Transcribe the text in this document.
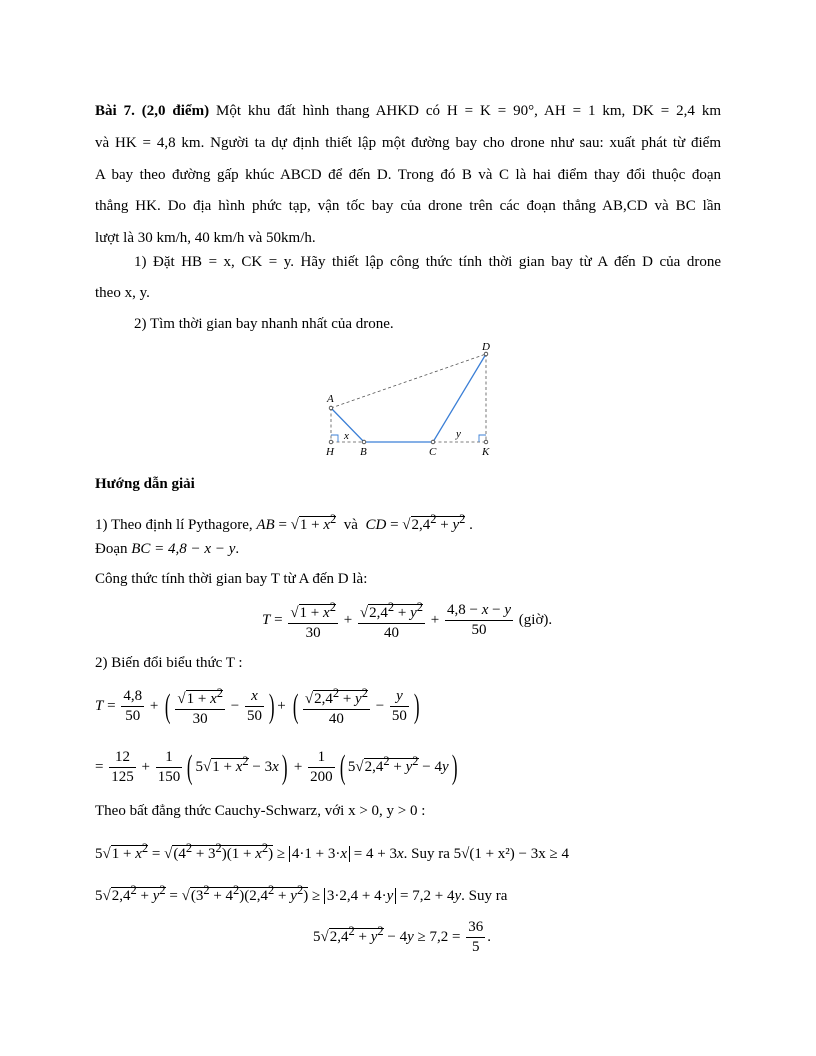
Bài 7. (2,0 điểm) Một khu đất hình thang AHKD có H = K = 90°, AH = 1 km, DK = 2,4 km
và HK = 4,8 km. Người ta dự định thiết lập một đường bay cho drone như sau: xuất phát từ điểm
A bay theo đường gấp khúc ABCD để đến D. Trong đó B và C là hai điểm thay đổi thuộc đoạn
thẳng HK. Do địa hình phức tạp, vận tốc bay của drone trên các đoạn thẳng AB,CD và BC lần
lượt là 30 km/h, 40 km/h và 50km/h.
1) Đặt HB = x, CK = y. Hãy thiết lập công thức tính thời gian bay từ A đến D của drone
theo x, y.
2) Tìm thời gian bay nhanh nhất của drone.
A
B	C
D
H	K
x	y
Hướng dẫn giải
1) Theo định lí Pythagore, AB = $√1 + x^2$ và CD = $√2,4^2 + y^2$ .
Đoạn BC = 4,8 − x − y.
Công thức tính thời gian bay T từ A đến D là:
$T = \frac{√1 + x^2}{30} + \frac{√2,4^2 + y^2}{40} + \frac{4,8 - x - y}{50}$ (giờ).
2) Biến đổi biểu thức T :
$T = \frac{4,8}{50}$ + ( $\frac{√1 + x^2}{30} - \frac{x}{50}$ ) + ( $\frac{√2,4^2 + y^2}{40} - \frac{y}{50}$ )
= $\frac{12}{125} + \frac{1}{150}$ ( $5√1 + x^2 - 3x) + \frac{1}{200}$ ( $5√2,4^2 + y^2 - 4y$)
Theo bất đẳng thức Cauchy-Schwarz, với x > 0, y > 0 :
$5√1 + x^2 = √(4^2 + 3^2)(1 + x^2) \ge 4\cdot 1 + 3\cdot x = 4 + 3x$. Suy ra 5√(1 + x²) − 3x ≥ 4
$5√2,4^2 + y^2 = √(3^2 + 4^2)(2,4^2 + y^2) \ge 3\cdot 2,4 + 4\cdot y = 7,2 + 4y$. Suy ra
$5√2,4^2 + y^2 - 4y \ge 7,2 = \frac{36}{5}$ .
